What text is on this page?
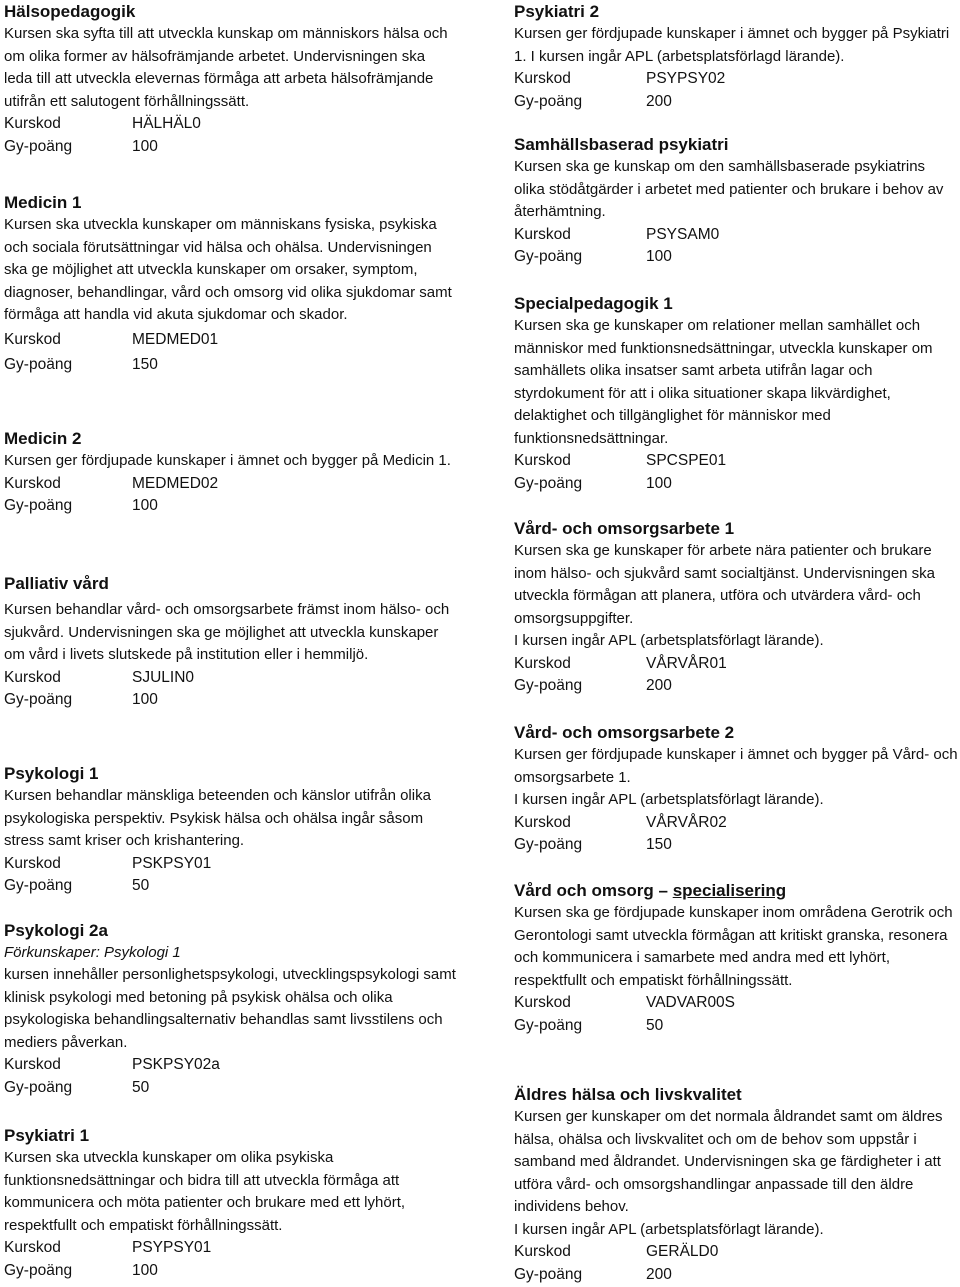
Hälsopedagogik

Kursen ska syfta till att utveckla kunskap om människors hälsa och om olika former av hälsofrämjande arbetet. Undervisningen ska leda till att utveckla elevernas förmåga att arbeta hälsofrämjande utifrån ett salutogent förhållningssätt.

Kurskod	HÄLHÄL0
Gy-poäng	100
Medicin 1

Kursen ska utveckla kunskaper om människans fysiska, psykiska och sociala förutsättningar vid hälsa och ohälsa. Undervisningen ska ge möjlighet att utveckla kunskaper om orsaker, symptom, diagnoser, behandlingar, vård och omsorg vid olika sjukdomar samt förmåga att handla vid akuta sjukdomar och skador.

Kurskod	MEDMED01
Gy-poäng	150
Medicin 2

Kursen ger fördjupade kunskaper i ämnet och bygger på Medicin 1.

Kurskod	MEDMED02
Gy-poäng	100
Palliativ vård

Kursen behandlar vård- och omsorgsarbete främst inom hälso- och sjukvård. Undervisningen ska ge möjlighet att utveckla kunskaper om vård i livets slutskede på institution eller i hemmiljö.

Kurskod	SJULIN0
Gy-poäng	100
Psykologi 1

Kursen behandlar mänskliga beteenden och känslor utifrån olika psykologiska perspektiv. Psykisk hälsa och ohälsa ingår såsom stress samt kriser och krishantering.

Kurskod	PSKPSY01
Gy-poäng	50
Psykologi 2a
Förkunskaper: Psykologi 1

kursen innehåller personlighetspsykologi, utvecklingspsykologi samt klinisk psykologi med betoning på psykisk ohälsa och olika psykologiska behandlingsalternativ behandlas samt livsstilens och mediers påverkan.

Kurskod	PSKPSY02a
Gy-poäng	50
Psykiatri 1

Kursen ska utveckla kunskaper om olika psykiska funktionsnedsättningar och bidra till att utveckla förmåga att kommunicera och möta patienter och brukare med ett lyhört, respektfullt och empatiskt förhållningssätt.

Kurskod	PSYPSY01
Gy-poäng	100
Psykiatri 2

Kursen ger fördjupade kunskaper i ämnet och bygger på Psykiatri 1. I kursen ingår APL (arbetsplatsförlagd lärande).

Kurskod	PSYPSY02
Gy-poäng	200
Samhällsbaserad psykiatri

Kursen ska ge kunskap om den samhällsbaserade psykiatrins olika stödåtgärder i arbetet med patienter och brukare i behov av återhämtning.

Kurskod	PSYSAM0
Gy-poäng	100
Specialpedagogik 1

Kursen ska ge kunskaper om relationer mellan samhället och människor med funktionsnedsättningar, utveckla kunskaper om samhällets olika insatser samt arbeta utifrån lagar och styrdokument för att i olika situationer skapa likvärdighet, delaktighet och tillgänglighet för människor med funktionsnedsättningar.

Kurskod	SPCSPE01
Gy-poäng	100
Vård- och omsorgsarbete 1

Kursen ska ge kunskaper för arbete nära patienter och brukare inom hälso- och sjukvård samt socialtjänst. Undervisningen ska utveckla förmågan att planera, utföra och utvärdera vård- och omsorgsuppgifter.

I kursen ingår APL (arbetsplatsförlagt lärande).

Kurskod	VÅRVÅR01
Gy-poäng	200
Vård- och omsorgsarbete 2

Kursen ger fördjupade kunskaper i ämnet och bygger på Vård- och omsorgsarbete 1.

I kursen ingår APL (arbetsplatsförlagt lärande).

Kurskod	VÅRVÅR02
Gy-poäng	150
Vård och omsorg – specialisering

Kursen ska ge fördjupade kunskaper inom områdena Gerotrik och Gerontologi samt utveckla förmågan att kritiskt granska, resonera och kommunicera i samarbete med andra med ett lyhört, respektfullt och empatiskt förhållningssätt.

Kurskod	VADVAR00S
Gy-poäng	50
Äldres hälsa och livskvalitet

Kursen ger kunskaper om det normala åldrandet samt om äldres hälsa, ohälsa och livskvalitet och om de behov som uppstår i samband med åldrandet. Undervisningen ska ge färdigheter i att utföra vård- och omsorgshandlingar anpassade till den äldre individens behov.

I kursen ingår APL (arbetsplatsförlagt lärande).

Kurskod	GERÄLD0
Gy-poäng	200
